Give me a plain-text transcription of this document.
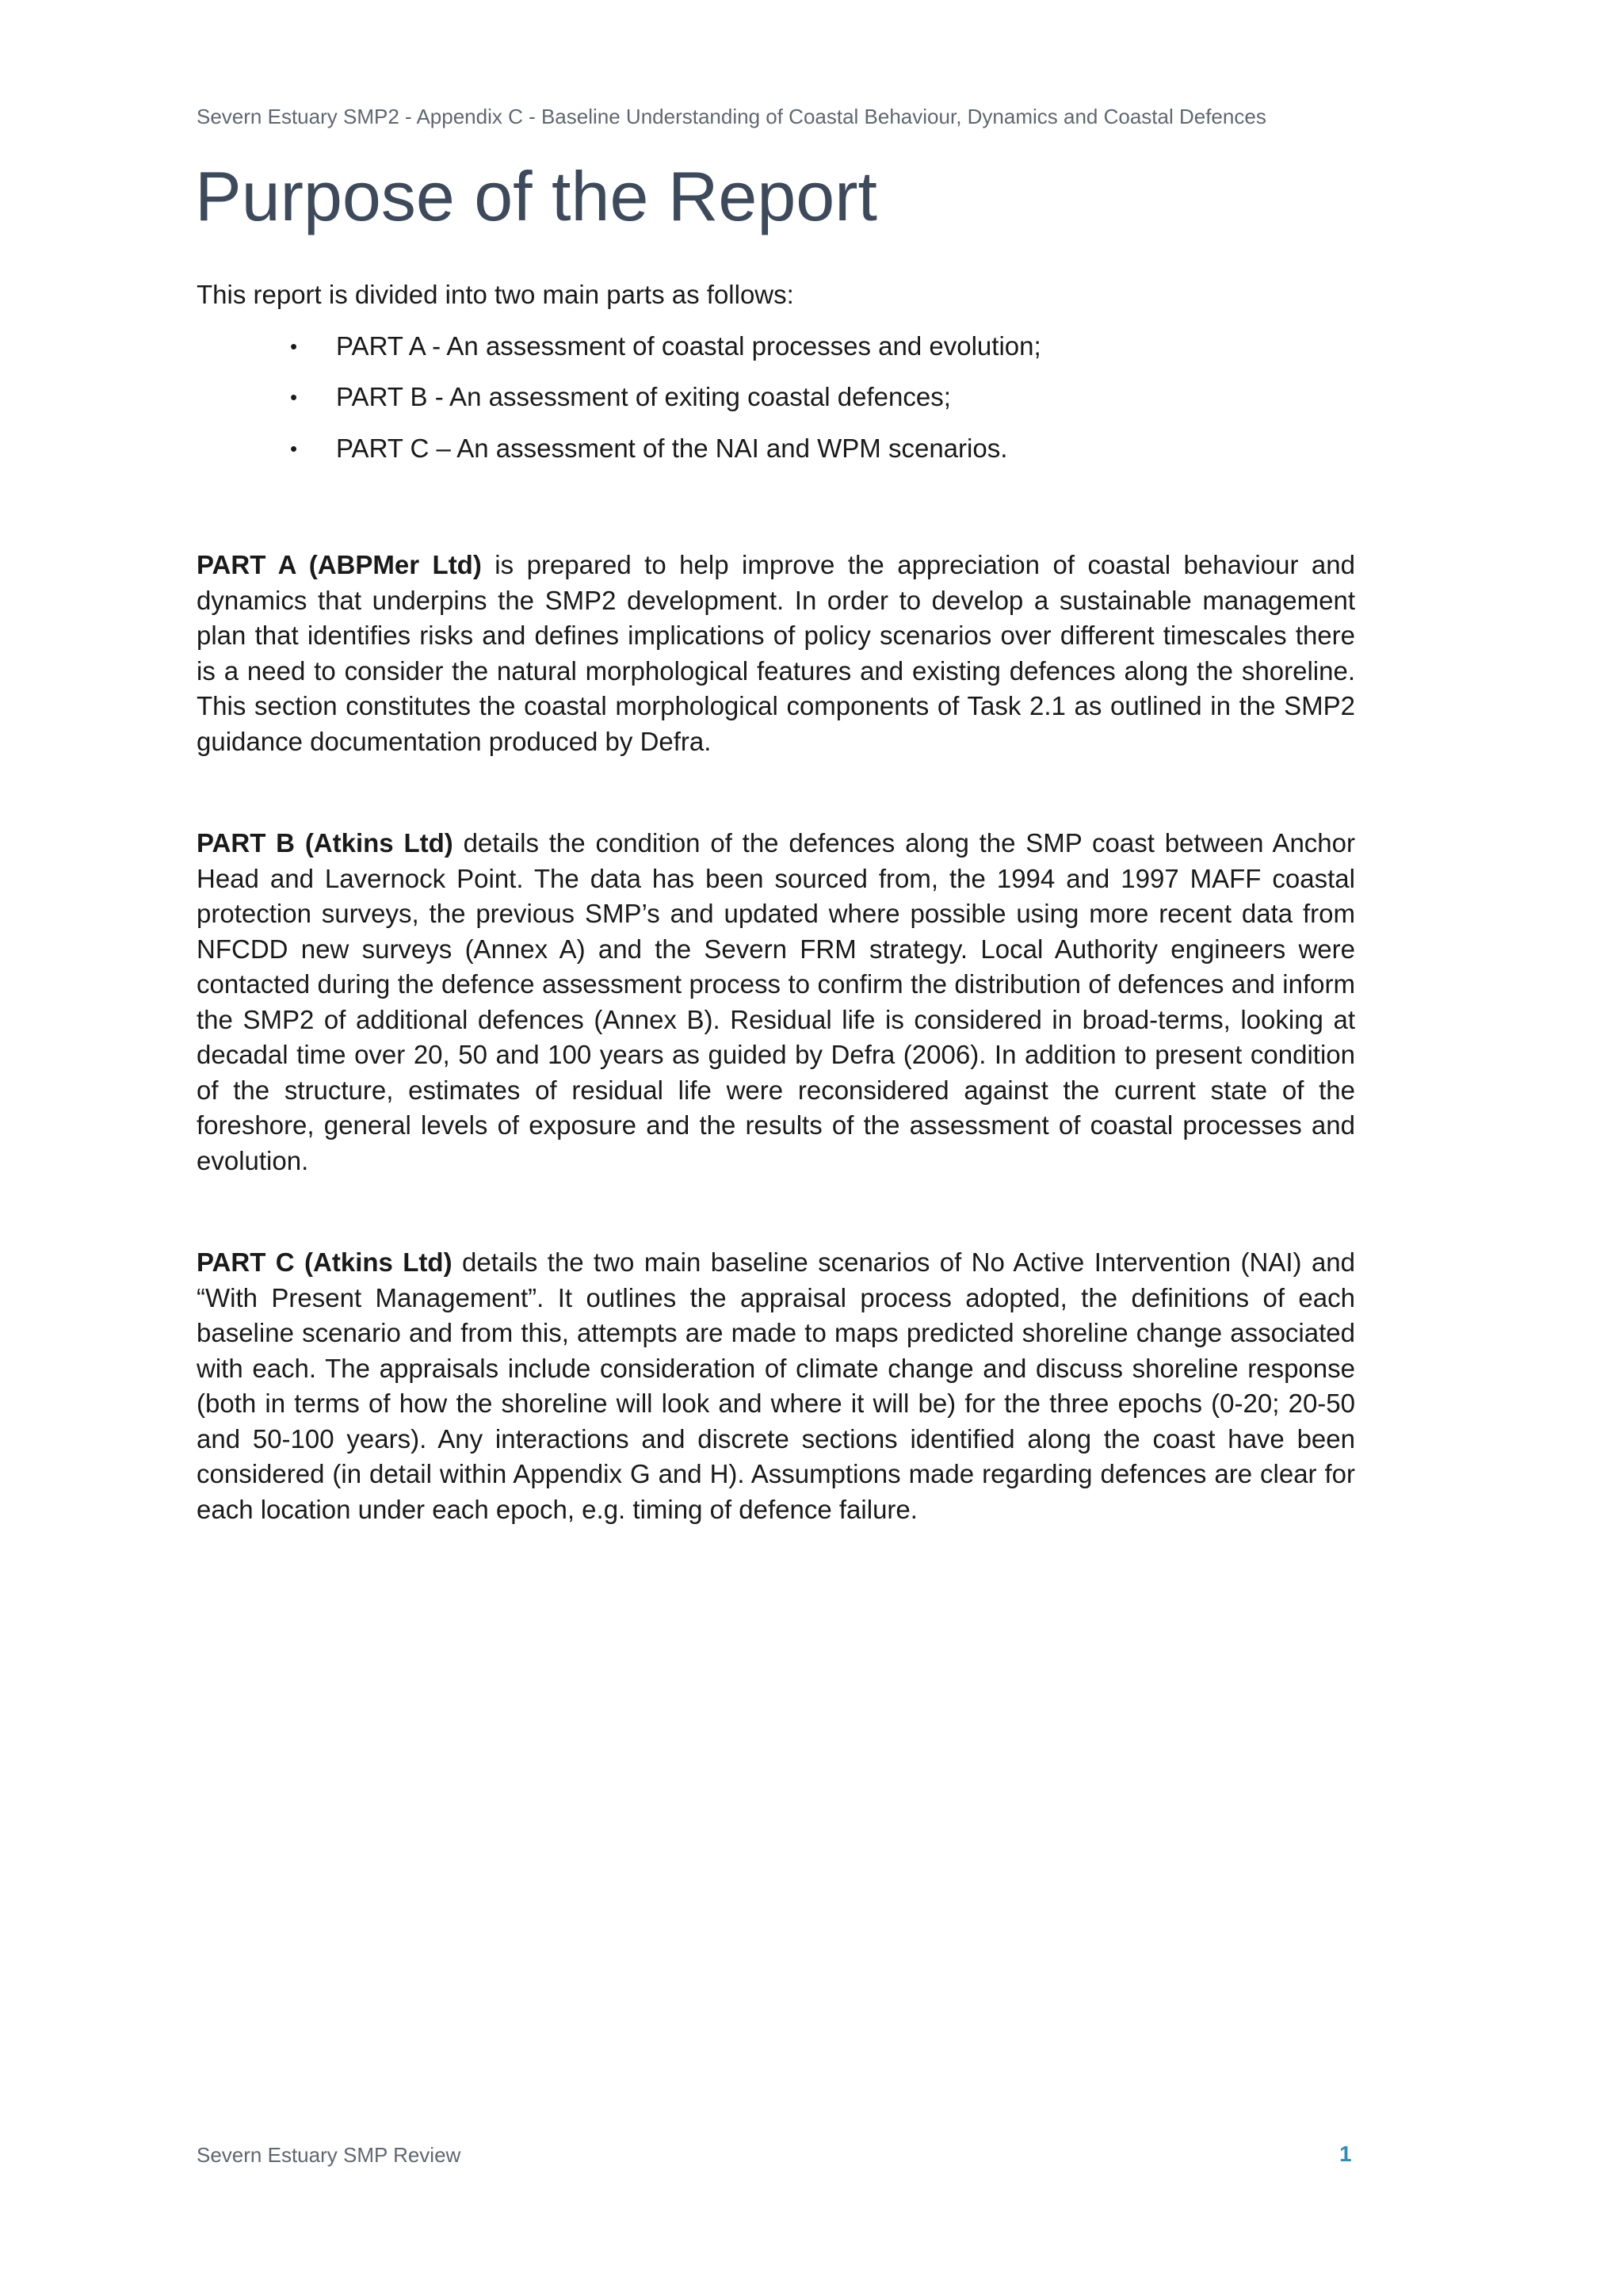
Severn Estuary SMP2 - Appendix C - Baseline Understanding of Coastal Behaviour, Dynamics and Coastal Defences
Purpose of the Report

This report is divided into two main parts as follows:

• PART A - An assessment of coastal processes and evolution;
• PART B - An assessment of exiting coastal defences;
• PART C – An assessment of the NAI and WPM scenarios.

PART A (ABPMer Ltd) is prepared to help improve the appreciation of coastal behaviour and dynamics that underpins the SMP2 development. In order to develop a sustainable management plan that identifies risks and defines implications of policy scenarios over different timescales there is a need to consider the natural morphological features and existing defences along the shoreline. This section constitutes the coastal morphological components of Task 2.1 as outlined in the SMP2 guidance documentation produced by Defra.

PART B (Atkins Ltd) details the condition of the defences along the SMP coast between Anchor Head and Lavernock Point. The data has been sourced from, the 1994 and 1997 MAFF coastal protection surveys, the previous SMP’s and updated where possible using more recent data from NFCDD new surveys (Annex A) and the Severn FRM strategy. Local Authority engineers were contacted during the defence assessment process to confirm the distribution of defences and inform the SMP2 of additional defences (Annex B). Residual life is considered in broad-terms, looking at decadal time over 20, 50 and 100 years as guided by Defra (2006). In addition to present condition of the structure, estimates of residual life were reconsidered against the current state of the foreshore, general levels of exposure and the results of the assessment of coastal processes and evolution.

PART C (Atkins Ltd) details the two main baseline scenarios of No Active Intervention (NAI) and “With Present Management”. It outlines the appraisal process adopted, the definitions of each baseline scenario and from this, attempts are made to maps predicted shoreline change associated with each. The appraisals include consideration of climate change and discuss shoreline response (both in terms of how the shoreline will look and where it will be) for the three epochs (0-20; 20-50 and 50-100 years). Any interactions and discrete sections identified along the coast have been considered (in detail within Appendix G and H). Assumptions made regarding defences are clear for each location under each epoch, e.g. timing of defence failure.

Severn Estuary SMP Review	1
